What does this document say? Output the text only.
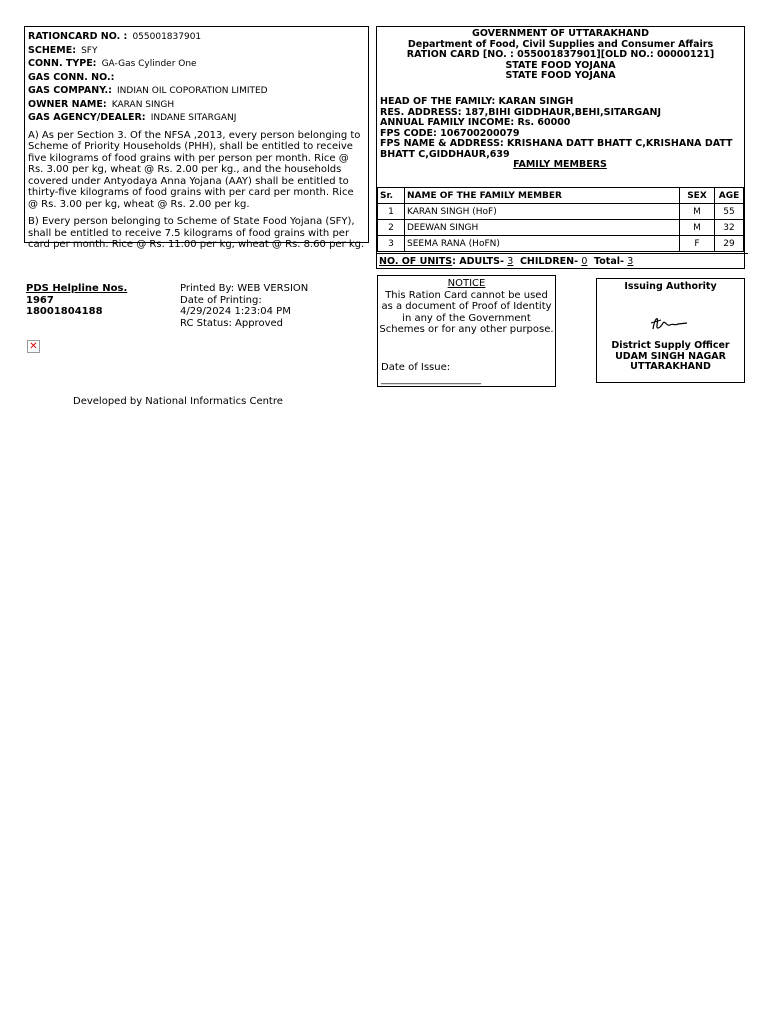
RATIONCARD NO. : 055001837901
SCHEME: SFY
CONN. TYPE: GA-Gas Cylinder One
GAS CONN. NO.:
GAS COMPANY.: INDIAN OIL COPORATION LIMITED
OWNER NAME: KARAN SINGH
GAS AGENCY/DEALER: INDANE SITARGANJ

A) As per Section 3. Of the NFSA ,2013, every person belonging to Scheme of Priority Households (PHH), shall be entitled to receive five kilograms of food grains with per person per month. Rice @ Rs. 3.00 per kg, wheat @ Rs. 2.00 per kg., and the households covered under Antyodaya Anna Yojana (AAY) shall be entitled to thirty-five kilograms of food grains with per card per month. Rice @ Rs. 3.00 per kg, wheat @ Rs. 2.00 per kg.

B) Every person belonging to Scheme of State Food Yojana (SFY), shall be entitled to receive 7.5 kilograms of food grains with per card per month. Rice @ Rs. 11.00 per kg, wheat @ Rs. 8.60 per kg.

GOVERNMENT OF UTTARAKHAND
Department of Food, Civil Supplies and Consumer Affairs
RATION CARD [NO. : 055001837901][OLD NO.: 00000121]
STATE FOOD YOJANA
STATE FOOD YOJANA
HEAD OF THE FAMILY: KARAN SINGH
RES. ADDRESS: 187,BIHI GIDDHAUR,BEHI,SITARGANJ
ANNUAL FAMILY INCOME: Rs. 60000
FPS CODE: 106700200079
FPS NAME & ADDRESS: KRISHANA DATT BHATT C,KRISHANA DATT BHATT C,GIDDHAUR,639
FAMILY MEMBERS
Sr.	NAME OF THE FAMILY MEMBER	SEX	AGE
1	KARAN SINGH (HoF)	M	55
2	DEEWAN SINGH	M	32
3	SEEMA RANA (HoFN)	F	29
NO. OF UNITS: ADULTS- 3 CHILDREN- 0 Total- 3
PDS Helpline Nos.
1967
18001804188
Printed By: WEB VERSION
Date of Printing:
4/29/2024 1:23:04 PM
RC Status: Approved
✕
Developed by National Informatics Centre
NOTICE
This Ration Card cannot be used as a document of Proof of Identity in any of the Government Schemes or for any other purpose.
Date of Issue:
____________________
Issuing Authority
District Supply Officer
UDAM SINGH NAGAR
UTTARAKHAND
